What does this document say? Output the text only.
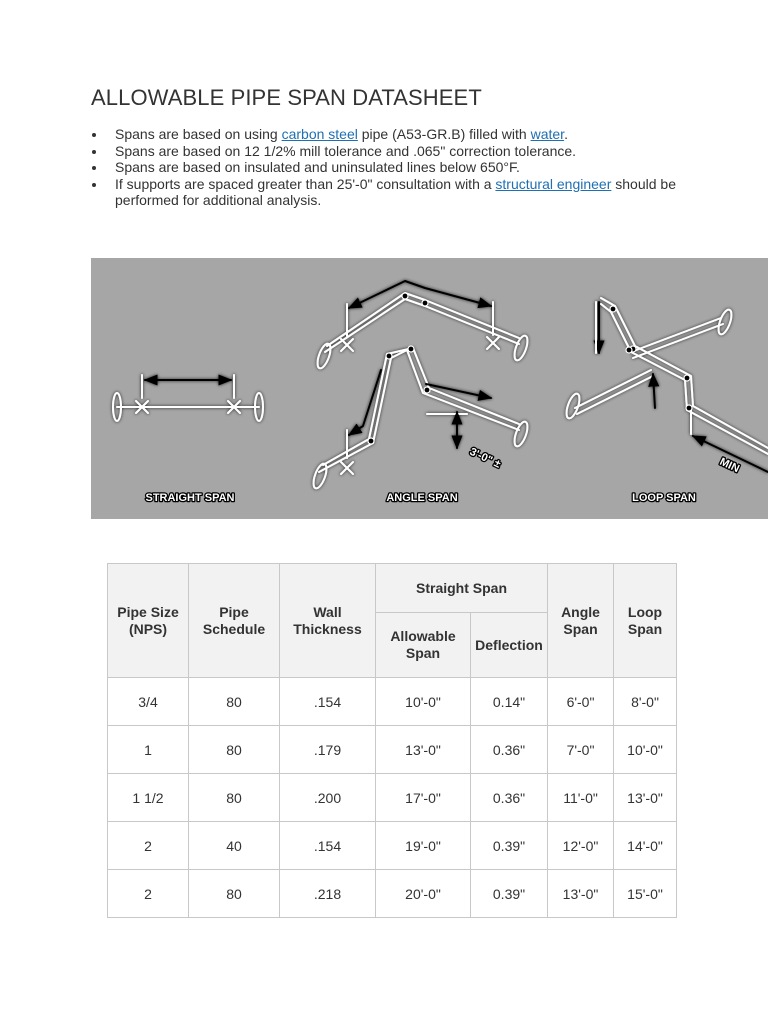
ALLOWABLE PIPE SPAN DATASHEET
Spans are based on using carbon steel pipe (A53-GR.B) filled with water.
Spans are based on 12 1/2% mill tolerance and .065" correction tolerance.
Spans are based on insulated and uninsulated lines below 650°F.
If supports are spaced greater than 25'-0" consultation with a structural engineer should be performed for additional analysis.
STRAIGHT SPAN	ANGLE SPAN	LOOP SPAN
3'-0" ±	MIN
Pipe Size (NPS)	Pipe Schedule	Wall Thickness	Straight Span		Angle Span	Loop Span
			Allowable Span	Deflection		
3/4	80	.154	10'-0"	0.14"	6'-0"	8'-0"
1	80	.179	13'-0"	0.36"	7'-0"	10'-0"
1 1/2	80	.200	17'-0"	0.36"	11'-0"	13'-0"
2	40	.154	19'-0"	0.39"	12'-0"	14'-0"
2	80	.218	20'-0"	0.39"	13'-0"	15'-0"
